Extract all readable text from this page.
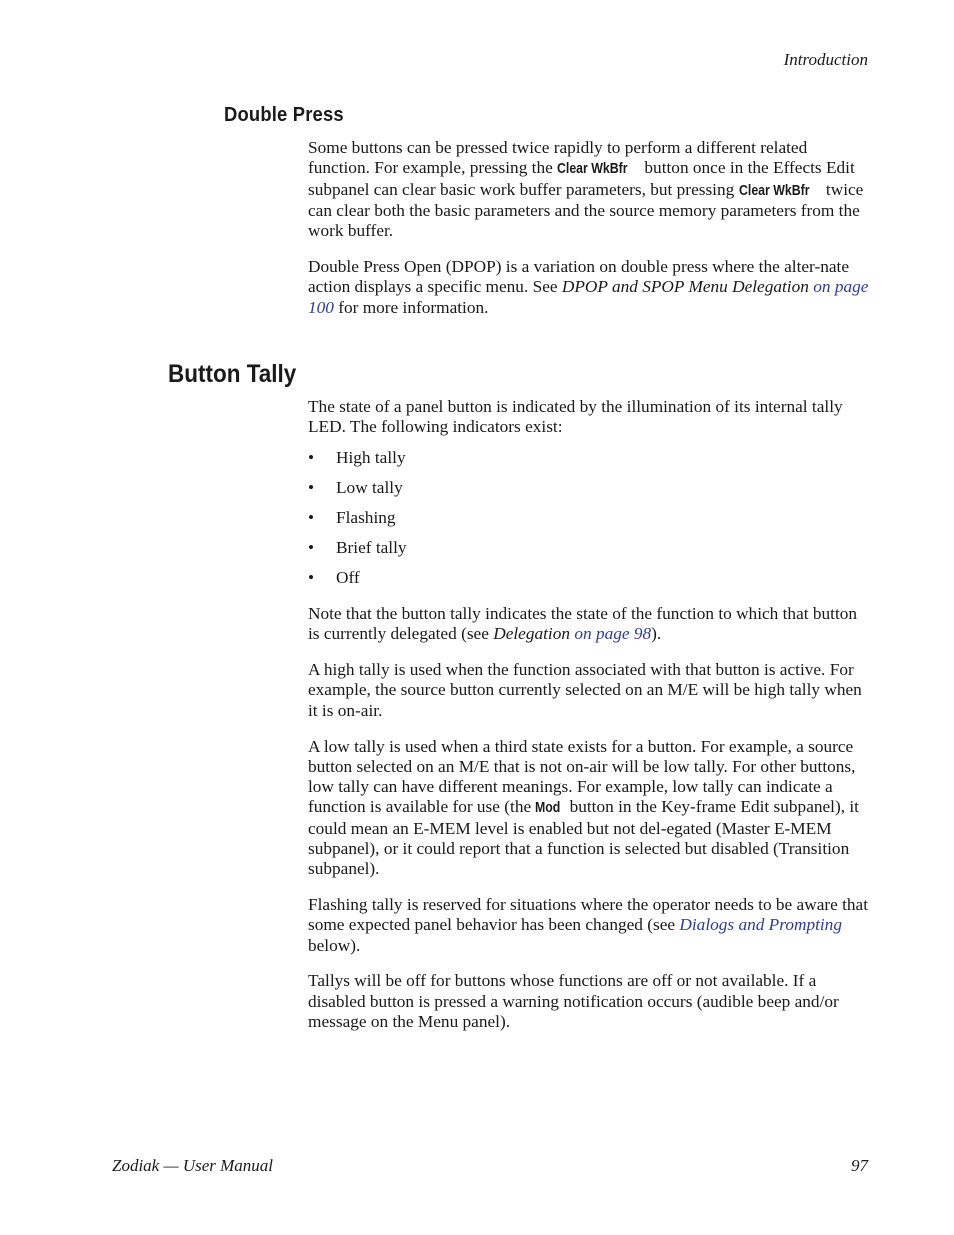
Introduction
Double Press

Some buttons can be pressed twice rapidly to perform a different related function. For example, pressing the Clear WkBfr button once in the Effects Edit subpanel can clear basic work buffer parameters, but pressing Clear WkBfr twice can clear both the basic parameters and the source memory parameters from the work buffer.

Double Press Open (DPOP) is a variation on double press where the alter-nate action displays a specific menu. See DPOP and SPOP Menu Delegation on page 100 for more information.

Button Tally

The state of a panel button is indicated by the illumination of its internal tally LED. The following indicators exist:

• High tally
• Low tally
• Flashing
• Brief tally
• Off

Note that the button tally indicates the state of the function to which that button is currently delegated (see Delegation on page 98).

A high tally is used when the function associated with that button is active. For example, the source button currently selected on an M/E will be high tally when it is on-air.

A low tally is used when a third state exists for a button. For example, a source button selected on an M/E that is not on-air will be low tally. For other buttons, low tally can have different meanings. For example, low tally can indicate a function is available for use (the Mod button in the Key-frame Edit subpanel), it could mean an E-MEM level is enabled but not del-egated (Master E-MEM subpanel), or it could report that a function is selected but disabled (Transition subpanel).

Flashing tally is reserved for situations where the operator needs to be aware that some expected panel behavior has been changed (see Dialogs and Prompting below).

Tallys will be off for buttons whose functions are off or not available. If a disabled button is pressed a warning notification occurs (audible beep and/or message on the Menu panel).

Zodiak — User Manual	97
